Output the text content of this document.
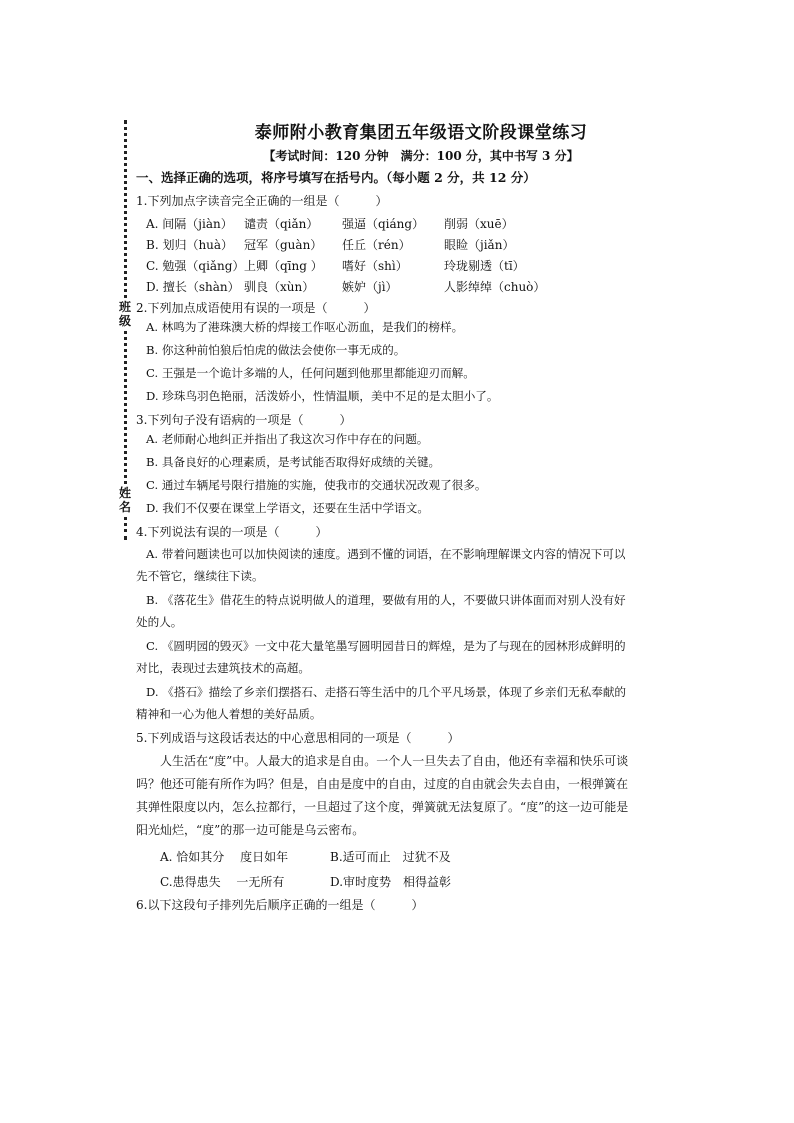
班级
姓名
泰师附小教育集团五年级语文阶段课堂练习
【考试时间：120 分钟　满分：100 分，其中书写 3 分】
一、选择正确的选项，将序号填写在括号内。（每小题 2 分，共 12 分）
1.下列加点字读音完全正确的一组是（　　　）
A. 间隔（jiàn） 谴责（qiǎn）	强逼（qiáng）	削弱（xuē）
B. 划归（huà） 冠军（guàn）	任丘（rén）	眼睑（jiǎn）
C. 勉强（qiǎng） 上卿（qīng ）	嗜好（shì）	玲珑剔透（tī）
D. 擅长（shàn） 驯良（xùn）	嫉妒（jì）	人影绰绰（chuò）
2.下列加点成语使用有误的一项是（　　　）
A. 林鸣为了港珠澳大桥的焊接工作呕心沥血，是我们的榜样。
B. 你这种前怕狼后怕虎的做法会使你一事无成的。
C. 王强是一个诡计多端的人，任何问题到他那里都能迎刃而解。
D. 珍珠鸟羽色艳丽，活泼娇小，性情温顺，美中不足的是太胆小了。
3.下列句子没有语病的一项是（　　　）
A. 老师耐心地纠正并指出了我这次习作中存在的问题。
B. 具备良好的心理素质，是考试能否取得好成绩的关键。
C. 通过车辆尾号限行措施的实施，使我市的交通状况改观了很多。
D. 我们不仅要在课堂上学语文，还要在生活中学语文。
4.下列说法有误的一项是（　　　）
A. 带着问题读也可以加快阅读的速度。遇到不懂的词语，在不影响理解课文内容的情况下可以先不管它，继续往下读。
B. 《落花生》借花生的特点说明做人的道理，要做有用的人，不要做只讲体面而对别人没有好处的人。
C. 《圆明园的毁灭》一文中花大量笔墨写圆明园昔日的辉煌，是为了与现在的园林形成鲜明的对比，表现过去建筑技术的高超。
D. 《搭石》描绘了乡亲们摆搭石、走搭石等生活中的几个平凡场景，体现了乡亲们无私奉献的精神和一心为他人着想的美好品质。
5.下列成语与这段话表达的中心意思相同的一项是（　　　）
人生活在“度”中。人最大的追求是自由。一个人一旦失去了自由，他还有幸福和快乐可谈吗？他还可能有所作为吗？但是，自由是度中的自由，过度的自由就会失去自由，一根弹簧在其弹性限度以内，怎么拉都行，一旦超过了这个度，弹簧就无法复原了。“度”的这一边可能是阳光灿烂，“度”的那一边可能是乌云密布。
A. 恰如其分　 度日如年	B.适可而止　过犹不及
C.患得患失　 一无所有	D.审时度势　相得益彰
6.以下这段句子排列先后顺序正确的一组是（　　　）
